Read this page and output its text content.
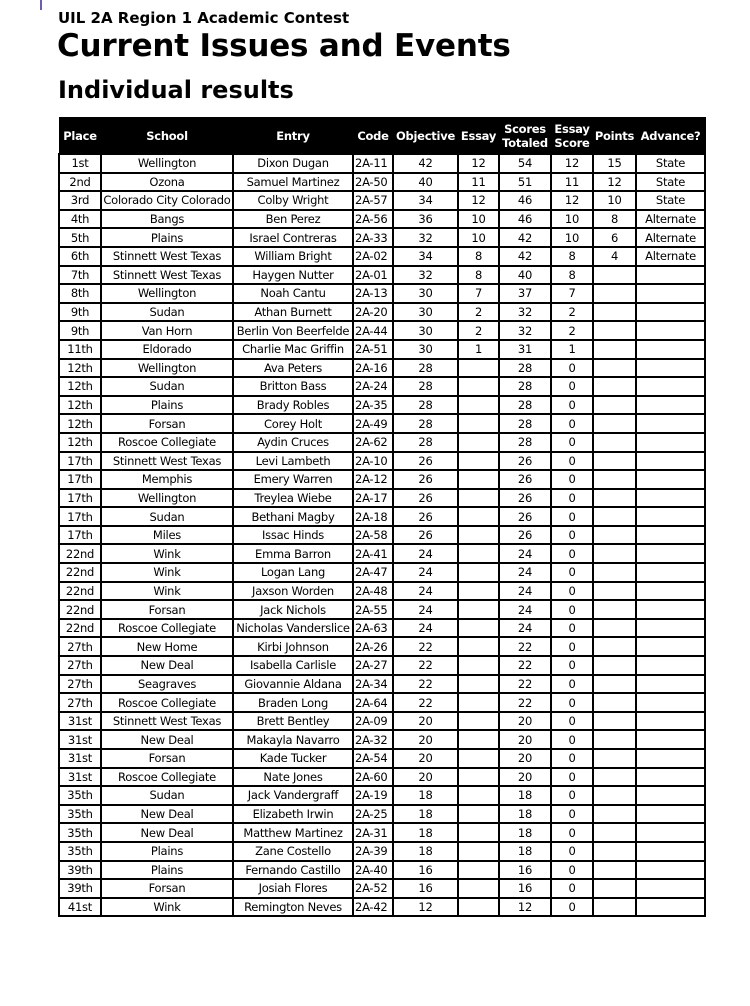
UIL 2A Region 1 Academic Contest
Current Issues and Events
Individual results
Place	School	Entry	Code	Objective	Essay	Scores Totaled	Essay Score	Points	Advance?
1st	Wellington	Dixon Dugan	2A-11	42	12	54	12	15	State
2nd	Ozona	Samuel Martinez	2A-50	40	11	51	11	12	State
3rd	Colorado City Colorado	Colby Wright	2A-57	34	12	46	12	10	State
4th	Bangs	Ben Perez	2A-56	36	10	46	10	8	Alternate
5th	Plains	Israel Contreras	2A-33	32	10	42	10	6	Alternate
6th	Stinnett West Texas	William Bright	2A-02	34	8	42	8	4	Alternate
7th	Stinnett West Texas	Haygen Nutter	2A-01	32	8	40	8		
8th	Wellington	Noah Cantu	2A-13	30	7	37	7		
9th	Sudan	Athan Burnett	2A-20	30	2	32	2		
9th	Van Horn	Berlin Von Beerfelde	2A-44	30	2	32	2		
11th	Eldorado	Charlie Mac Griffin	2A-51	30	1	31	1		
12th	Wellington	Ava Peters	2A-16	28		28	0		
12th	Sudan	Britton Bass	2A-24	28		28	0		
12th	Plains	Brady Robles	2A-35	28		28	0		
12th	Forsan	Corey Holt	2A-49	28		28	0		
12th	Roscoe Collegiate	Aydin Cruces	2A-62	28		28	0		
17th	Stinnett West Texas	Levi Lambeth	2A-10	26		26	0		
17th	Memphis	Emery Warren	2A-12	26		26	0		
17th	Wellington	Treylea Wiebe	2A-17	26		26	0		
17th	Sudan	Bethani Magby	2A-18	26		26	0		
17th	Miles	Issac Hinds	2A-58	26		26	0		
22nd	Wink	Emma Barron	2A-41	24		24	0		
22nd	Wink	Logan Lang	2A-47	24		24	0		
22nd	Wink	Jaxson Worden	2A-48	24		24	0		
22nd	Forsan	Jack Nichols	2A-55	24		24	0		
22nd	Roscoe Collegiate	Nicholas Vanderslice	2A-63	24		24	0		
27th	New Home	Kirbi Johnson	2A-26	22		22	0		
27th	New Deal	Isabella Carlisle	2A-27	22		22	0		
27th	Seagraves	Giovannie Aldana	2A-34	22		22	0		
27th	Roscoe Collegiate	Braden Long	2A-64	22		22	0		
31st	Stinnett West Texas	Brett Bentley	2A-09	20		20	0		
31st	New Deal	Makayla Navarro	2A-32	20		20	0		
31st	Forsan	Kade Tucker	2A-54	20		20	0		
31st	Roscoe Collegiate	Nate Jones	2A-60	20		20	0		
35th	Sudan	Jack Vandergraff	2A-19	18		18	0		
35th	New Deal	Elizabeth Irwin	2A-25	18		18	0		
35th	New Deal	Matthew Martinez	2A-31	18		18	0		
35th	Plains	Zane Costello	2A-39	18		18	0		
39th	Plains	Fernando Castillo	2A-40	16		16	0		
39th	Forsan	Josiah Flores	2A-52	16		16	0		
41st	Wink	Remington Neves	2A-42	12		12	0		
